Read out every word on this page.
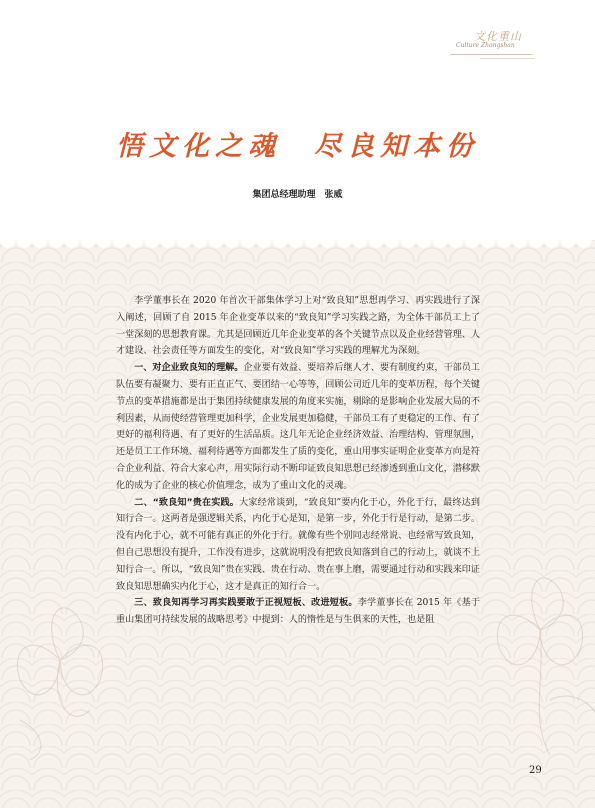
文化重山
Culture Zhongshan
悟文化之魂　尽良知本份
集团总经理助理　张威

李学董事长在 2020 年首次干部集体学习上对“致良知”思想再学习、再实践进行了深入阐述，回顾了自 2015 年企业变革以来的“致良知”学习实践之路，为全体干部员工上了一堂深刻的思想教育课。尤其是回顾近几年企业变革的各个关键节点以及企业经营管理、人才建设、社会责任等方面发生的变化，对“致良知”学习实践的理解尤为深刻。

一、对企业致良知的理解。企业要有效益、要培养后继人才、要有制度约束，干部员工队伍要有凝聚力、要有正直正气、要团结一心等等，回顾公司近几年的变革历程，每个关键节点的变革措施都是出于集团持续健康发展的角度来实施，剔除的是影响企业发展大局的不利因素，从而使经营管理更加科学，企业发展更加稳健，干部员工有了更稳定的工作、有了更好的福利待遇、有了更好的生活品质。这几年无论企业经济效益、治理结构、管理氛围，还是员工工作环境、福利待遇等方面都发生了质的变化，重山用事实证明企业变革方向是符合企业利益、符合大家心声，用实际行动不断印证致良知思想已经渗透到重山文化，潜移默化的成为了企业的核心价值理念，成为了重山文化的灵魂。

二、“致良知”贵在实践。大家经常谈到，“致良知”要内化于心，外化于行，最终达到知行合一。这两者是强逻辑关系，内化于心是知，是第一步，外化于行是行动，是第二步。没有内化于心，就不可能有真正的外化于行。就像有些个别同志经常说、也经常写致良知，但自己思想没有提升，工作没有进步，这就说明没有把致良知落到自己的行动上，就谈不上知行合一。所以，“致良知”贵在实践、贵在行动、贵在事上磨，需要通过行动和实践来印证致良知思想确实内化于心，这才是真正的知行合一。

三、致良知再学习再实践要敢于正视短板、改进短板。李学董事长在 2015 年《基于重山集团可持续发展的战略思考》中提到：人的惰性是与生俱来的天性，也是阻

29
